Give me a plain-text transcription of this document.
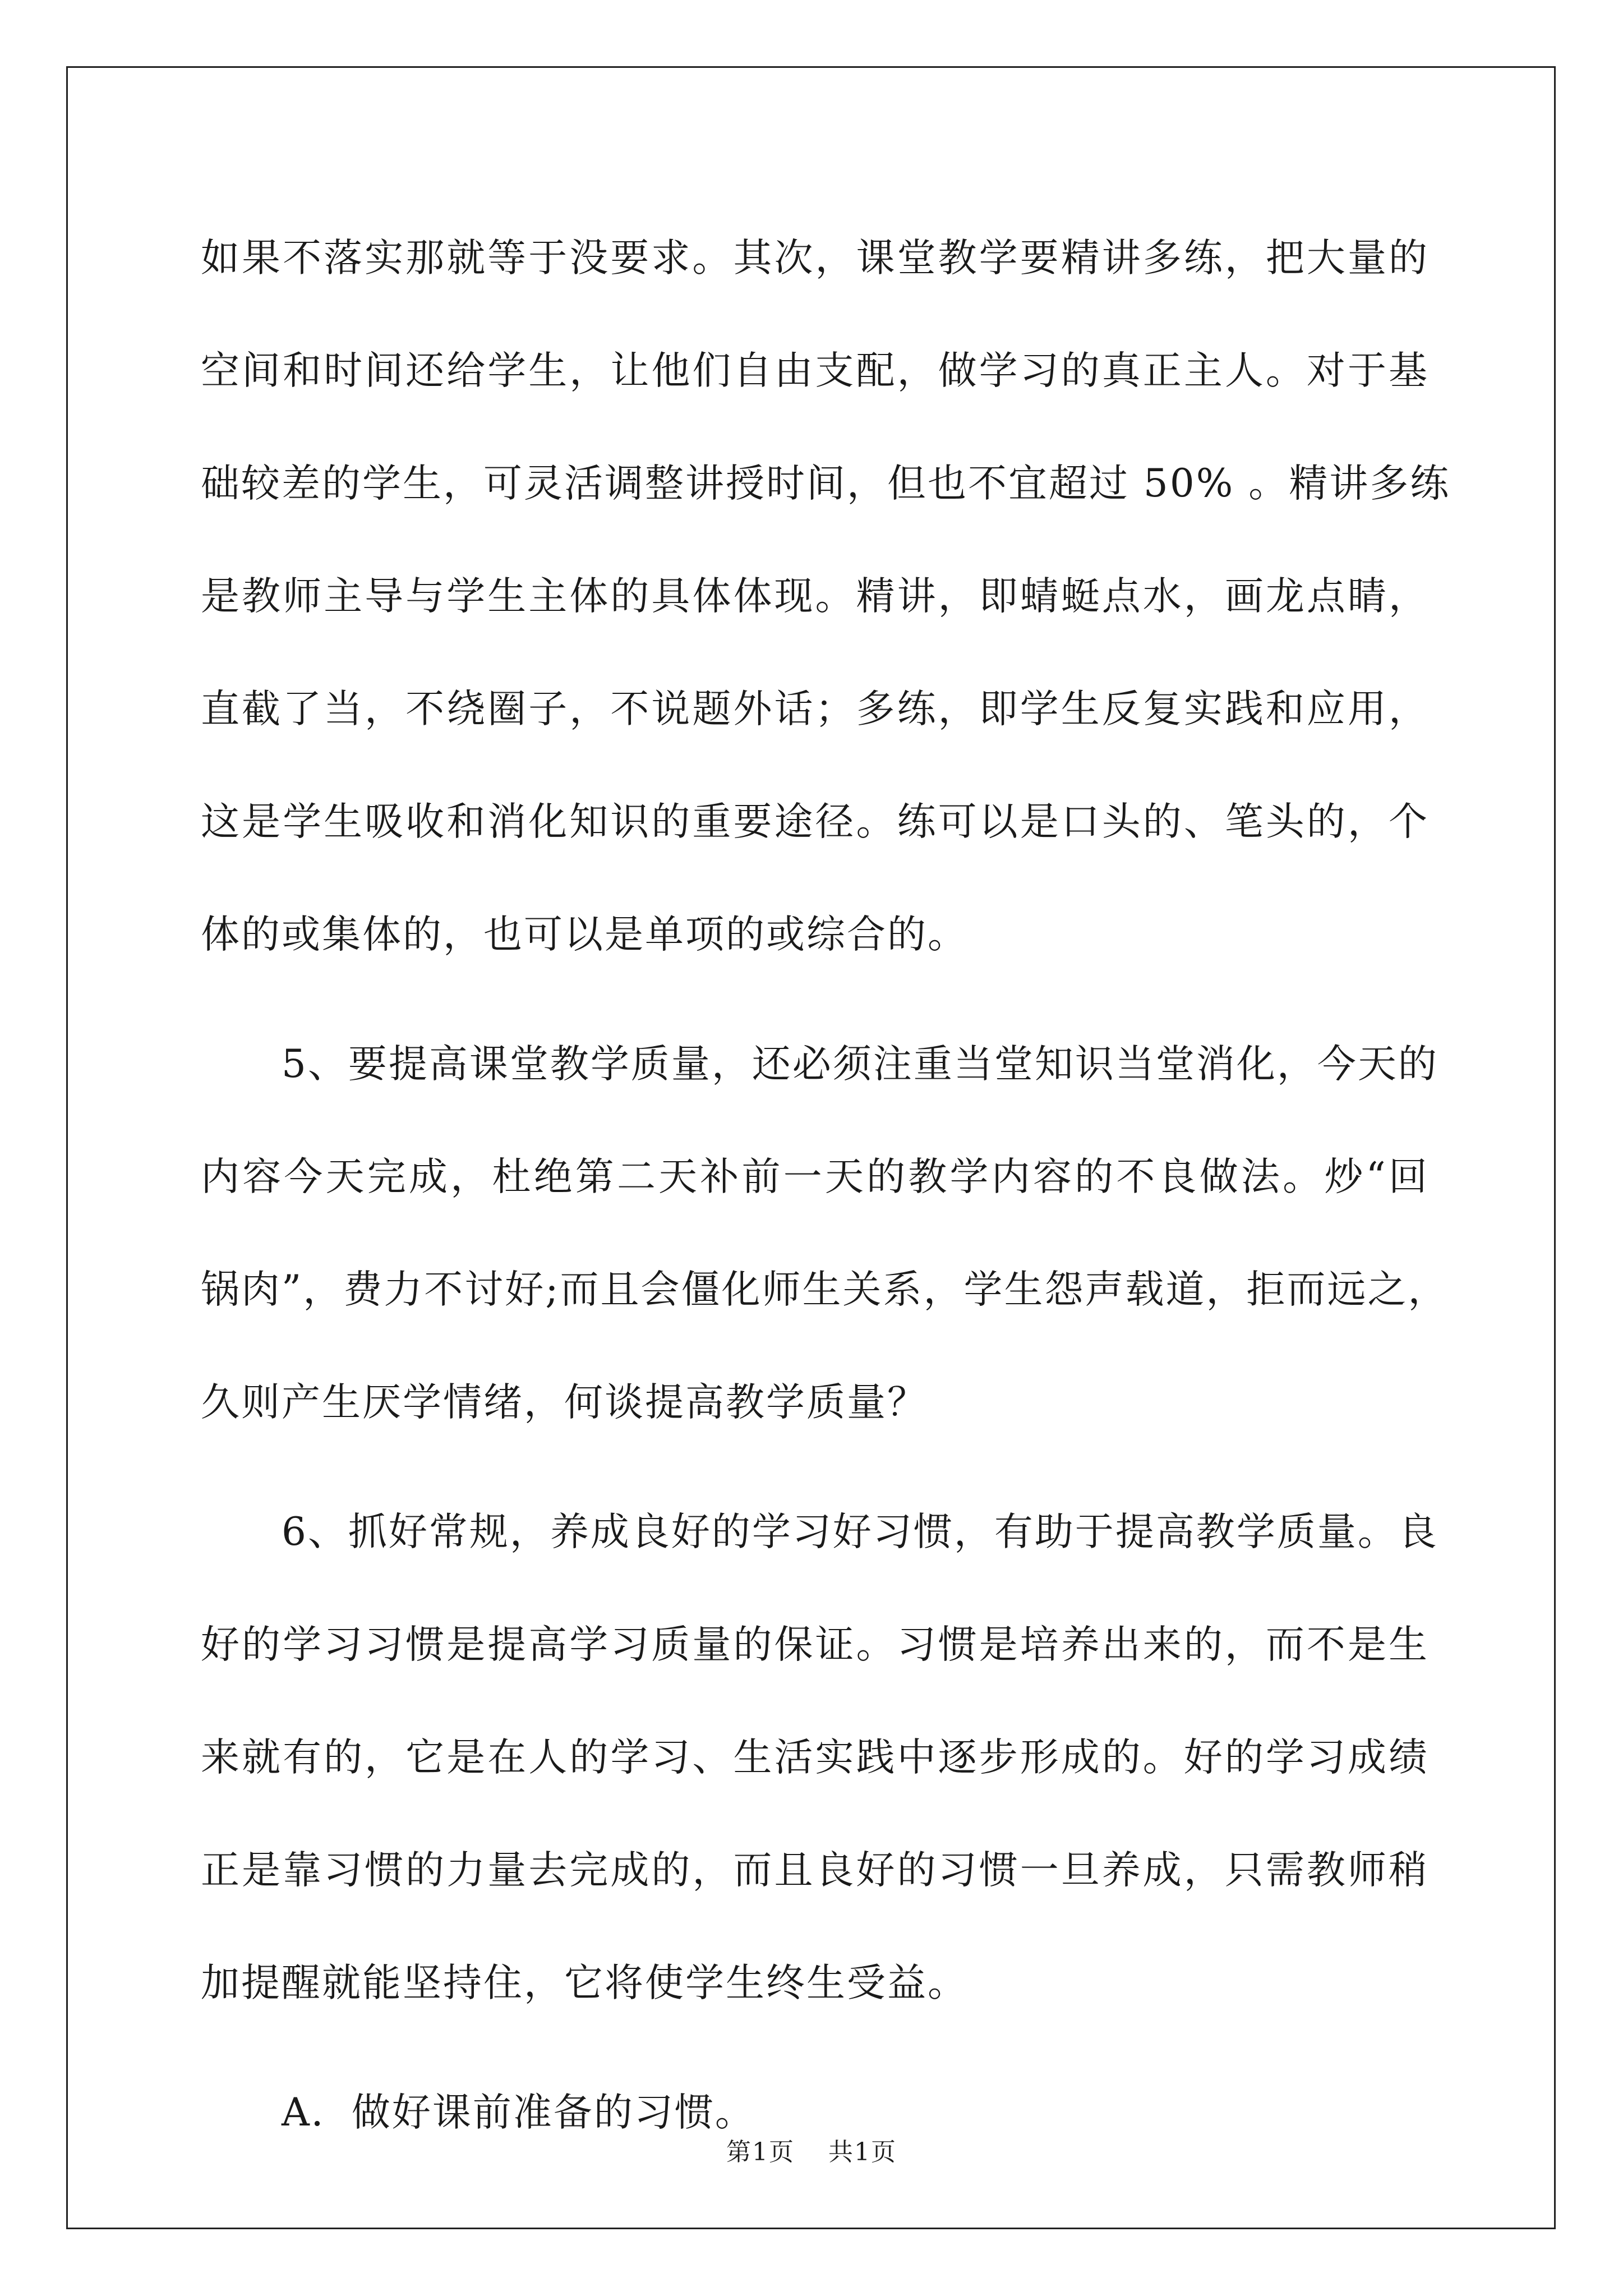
如果不落实那就等于没要求。其次，课堂教学要精讲多练，把大量的
空间和时间还给学生，让他们自由支配，做学习的真正主人。对于基
础较差的学生，可灵活调整讲授时间，但也不宜超过 50% 。精讲多练
是教师主导与学生主体的具体体现。精讲，即蜻蜓点水，画龙点睛，
直截了当，不绕圈子，不说题外话；多练，即学生反复实践和应用，
这是学生吸收和消化知识的重要途径。练可以是口头的、笔头的，个
体的或集体的，也可以是单项的或综合的。
　　5、要提高课堂教学质量，还必须注重当堂知识当堂消化，今天的
内容今天完成，杜绝第二天补前一天的教学内容的不良做法。炒“回
锅肉”，费力不讨好;而且会僵化师生关系，学生怨声载道，拒而远之，
久则产生厌学情绪，何谈提高教学质量？
　　6、抓好常规，养成良好的学习好习惯，有助于提高教学质量。良
好的学习习惯是提高学习质量的保证。习惯是培养出来的，而不是生
来就有的，它是在人的学习、生活实践中逐步形成的。好的学习成绩
正是靠习惯的力量去完成的，而且良好的习惯一旦养成，只需教师稍
加提醒就能坚持住，它将使学生终生受益。
　　A．做好课前准备的习惯。
第1页 共1页
